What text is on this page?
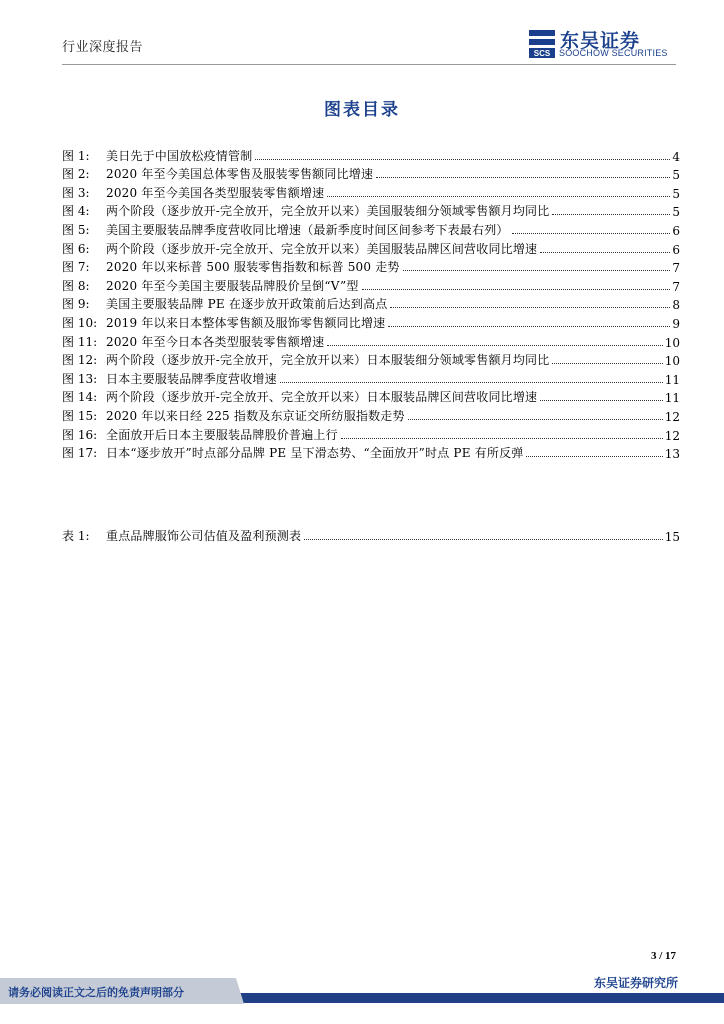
行业深度报告	SCS
东吴证券
SOOCHOW SECURITIES
图表目录
图 1:	美日先于中国放松疫情管制	4
图 2:	2020 年至今美国总体零售及服装零售额同比增速	5
图 3:	2020 年至今美国各类型服装零售额增速	5
图 4:	两个阶段（逐步放开-完全放开，完全放开以来）美国服装细分领域零售额月均同比	5
图 5:	美国主要服装品牌季度营收同比增速（最新季度时间区间参考下表最右列）	6
图 6:	两个阶段（逐步放开-完全放开、完全放开以来）美国服装品牌区间营收同比增速	6
图 7:	2020 年以来标普 500 服装零售指数和标普 500 走势	7
图 8:	2020 年至今美国主要服装品牌股价呈倒“V”型	7
图 9:	美国主要服装品牌 PE 在逐步放开政策前后达到高点	8
图 10: 2019 年以来日本整体零售额及服饰零售额同比增速	9
图 11: 2020 年至今日本各类型服装零售额增速	10
图 12: 两个阶段（逐步放开-完全放开，完全放开以来）日本服装细分领域零售额月均同比	10
图 13: 日本主要服装品牌季度营收增速	11
图 14: 两个阶段（逐步放开-完全放开、完全放开以来）日本服装品牌区间营收同比增速	11
图 15: 2020 年以来日经 225 指数及东京证交所纺服指数走势	12
图 16: 全面放开后日本主要服装品牌股价普遍上行	12
图 17: 日本“逐步放开”时点部分品牌 PE 呈下滑态势、“全面放开”时点 PE 有所反弹	13
表 1:	重点品牌服饰公司估值及盈利预测表	15
3 / 17
东吴证券研究所
请务必阅读正文之后的免责声明部分
